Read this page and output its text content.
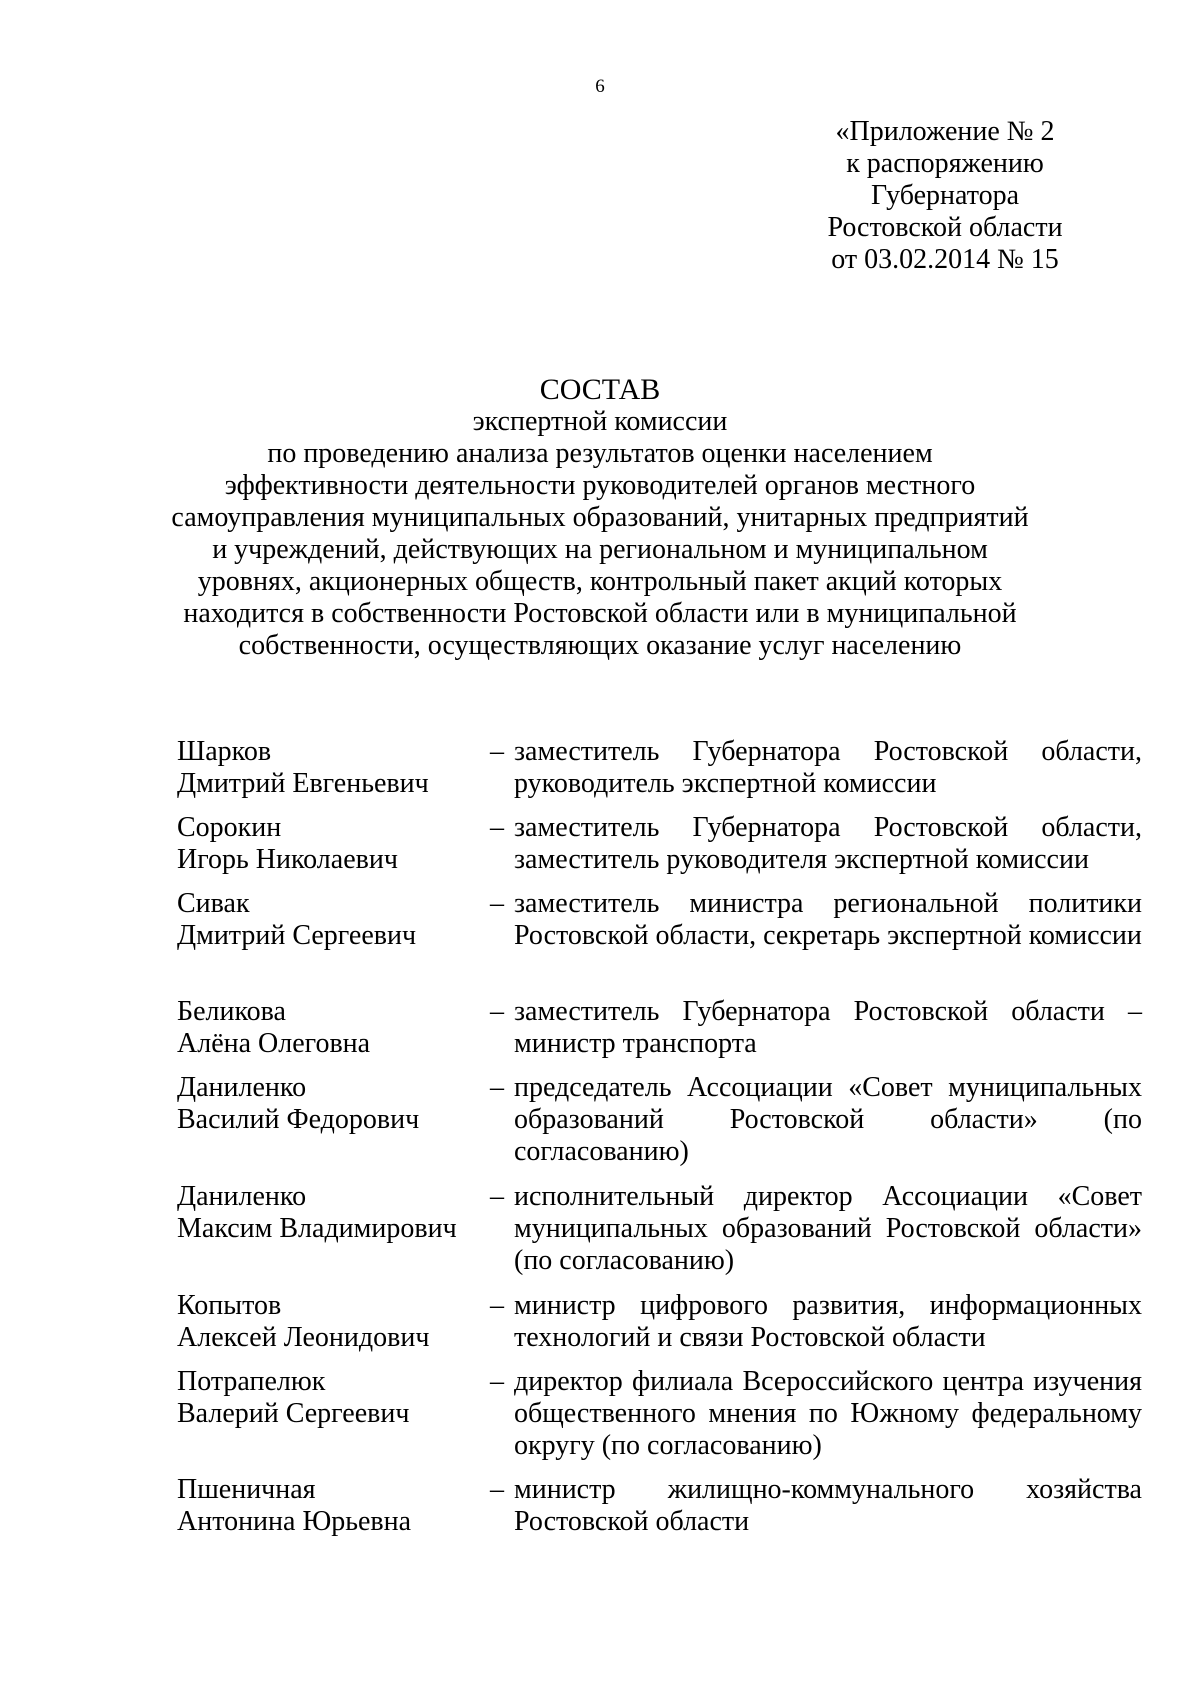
6
«Приложение № 2
к распоряжению
Губернатора
Ростовской области
от 03.02.2014 № 15
СОСТАВ
экспертной комиссии
по проведению анализа результатов оценки населением
эффективности деятельности руководителей органов местного
самоуправления муниципальных образований, унитарных предприятий
и учреждений, действующих на региональном и муниципальном
уровнях, акционерных обществ, контрольный пакет акций которых
находится в собственности Ростовской области или в муниципальной
собственности, осуществляющих оказание услуг населению
Шарков
Дмитрий Евгеньевич
– заместитель Губернатора Ростовской области, руководитель экспертной комиссии
Сорокин
Игорь Николаевич
– заместитель Губернатора Ростовской области, заместитель руководителя экспертной комиссии
Сивак
Дмитрий Сергеевич
– заместитель министра региональной политики Ростовской области, секретарь экспертной комиссии
Беликова
Алёна Олеговна
– заместитель Губернатора Ростовской области – министр транспорта
Даниленко
Василий Федорович
– председатель Ассоциации «Совет муниципальных образований Ростовской области» (по согласованию)
Даниленко
Максим Владимирович
– исполнительный директор Ассоциации «Совет муниципальных образований Ростовской области» (по согласованию)
Копытов
Алексей Леонидович
– министр цифрового развития, информационных технологий и связи Ростовской области
Потрапелюк
Валерий Сергеевич
– директор филиала Всероссийского центра изучения общественного мнения по Южному федеральному округу (по согласованию)
Пшеничная
Антонина Юрьевна
– министр жилищно-коммунального хозяйства Ростовской области
